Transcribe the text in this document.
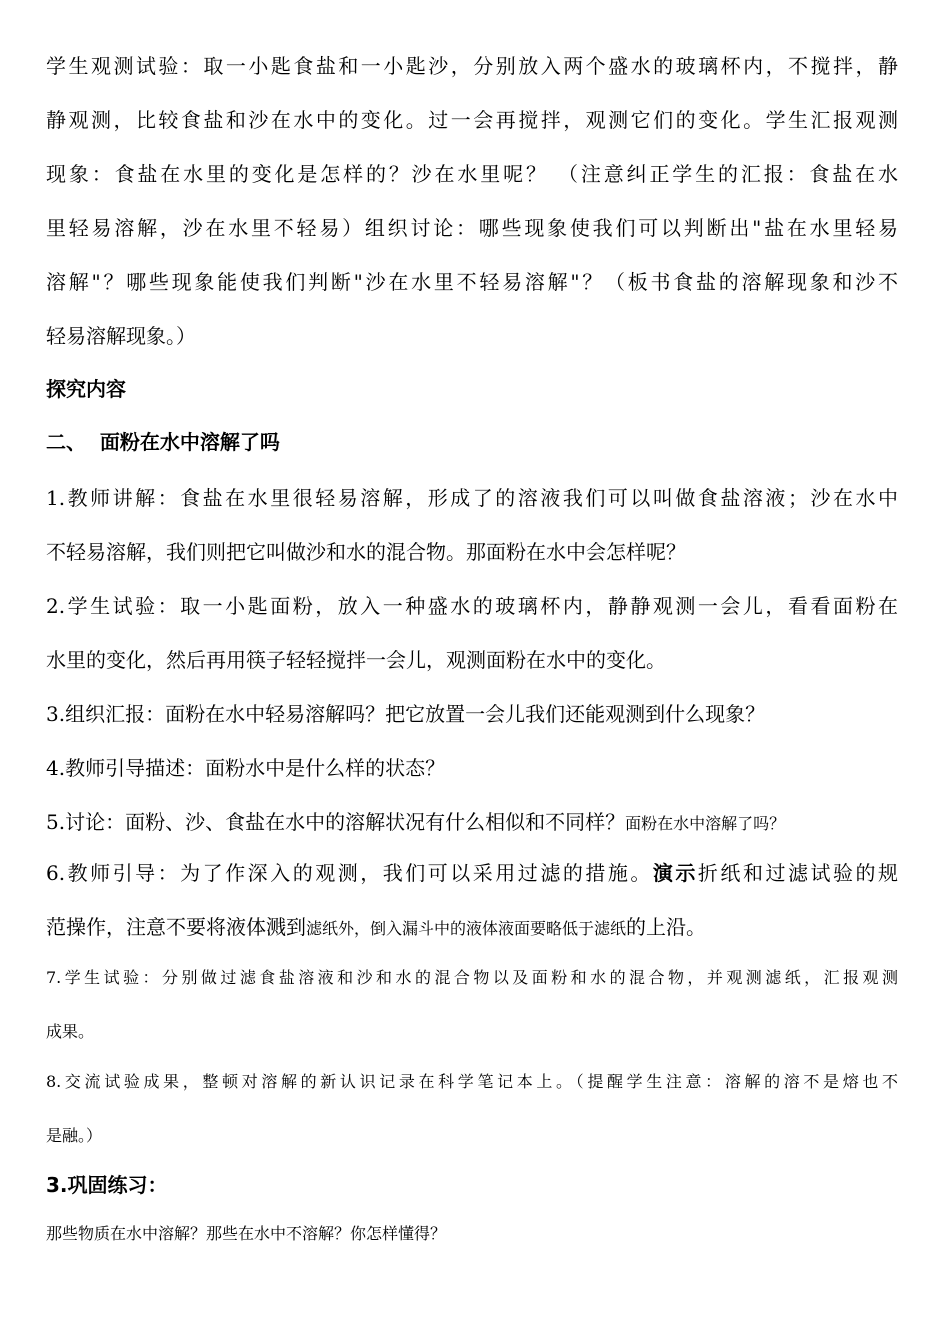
学生观测试验：取一小匙食盐和一小匙沙，分别放入两个盛水的玻璃杯内，不搅拌，静
静观测，比较食盐和沙在水中的变化。过一会再搅拌，观测它们的变化。学生汇报观测
现象：食盐在水里的变化是怎样的？沙在水里呢？ （注意纠正学生的汇报：食盐在水
里轻易溶解，沙在水里不轻易）组织讨论：哪些现象使我们可以判断出"盐在水里轻易
溶解"？哪些现象能使我们判断"沙在水里不轻易溶解"？（板书食盐的溶解现象和沙不
轻易溶解现象。）
探究内容
二、  面粉在水中溶解了吗
1.教师讲解：食盐在水里很轻易溶解，形成了的溶液我们可以叫做食盐溶液；沙在水中
不轻易溶解，我们则把它叫做沙和水的混合物。那面粉在水中会怎样呢？
2.学生试验：取一小匙面粉，放入一种盛水的玻璃杯内，静静观测一会儿，看看面粉在
水里的变化，然后再用筷子轻轻搅拌一会儿，观测面粉在水中的变化。
3.组织汇报：面粉在水中轻易溶解吗？把它放置一会儿我们还能观测到什么现象？
4.教师引导描述：面粉水中是什么样的状态？
5.讨论：面粉、沙、食盐在水中的溶解状况有什么相似和不同样？面粉在水中溶解了吗？
6.教师引导：为了作深入的观测，我们可以采用过滤的措施。演示折纸和过滤试验的规
范操作，注意不要将液体溅到滤纸外，倒入漏斗中的液体液面要略低于滤纸的上沿。
7.学生试验：分别做过滤食盐溶液和沙和水的混合物以及面粉和水的混合物，并观测滤纸，汇报观测
成果。
8.交流试验成果，整顿对溶解的新认识记录在科学笔记本上。（提醒学生注意：溶解的溶不是熔也不
是融。）
3.巩固练习：
那些物质在水中溶解？那些在水中不溶解？你怎样懂得？
